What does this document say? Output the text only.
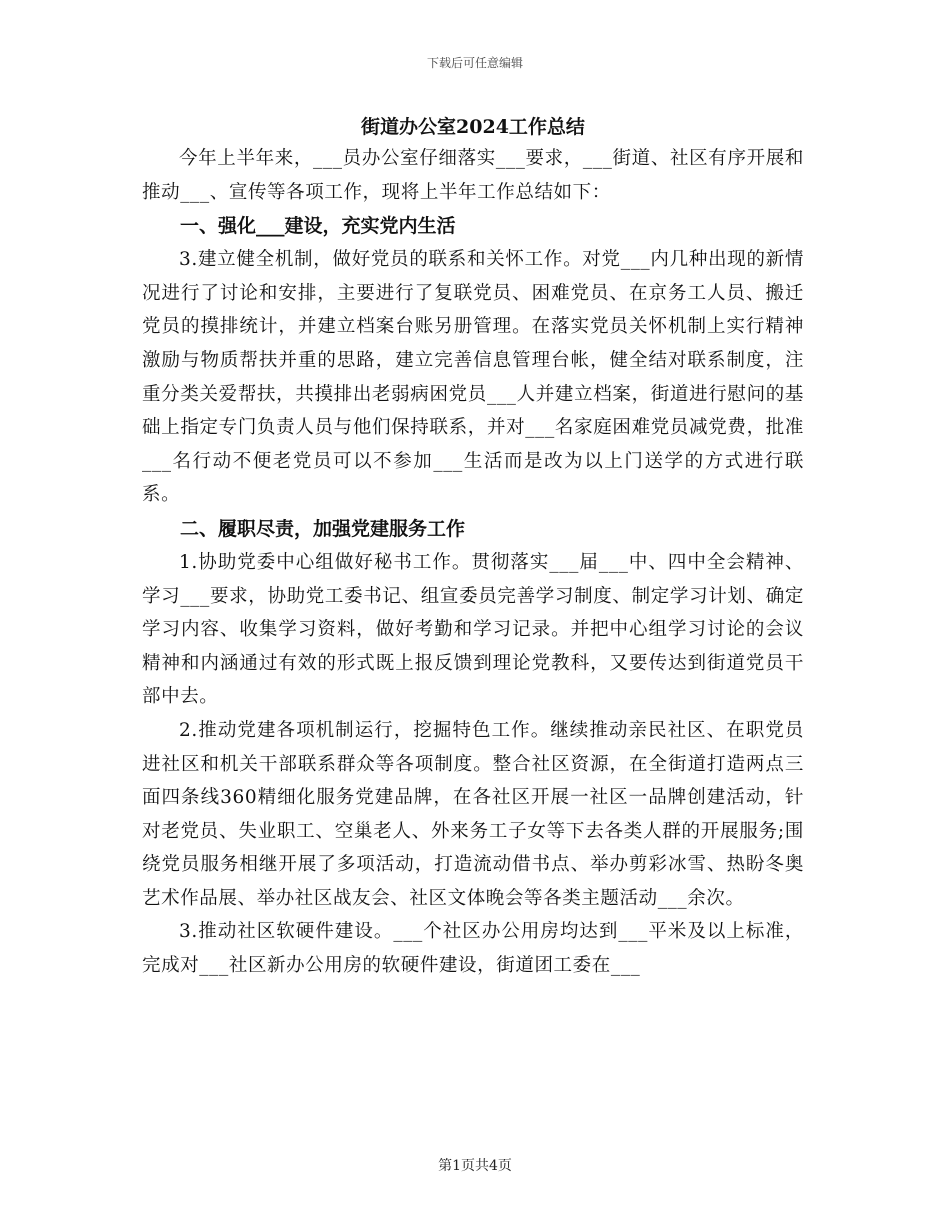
下载后可任意编辑
街道办公室2024工作总结

今年上半年来，___员办公室仔细落实___要求，___街道、社区有序开展和推动___、宣传等各项工作，现将上半年工作总结如下：

一、强化___建设，充实党内生活

3.建立健全机制，做好党员的联系和关怀工作。对党___内几种出现的新情况进行了讨论和安排，主要进行了复联党员、困难党员、在京务工人员、搬迁党员的摸排统计，并建立档案台账另册管理。在落实党员关怀机制上实行精神激励与物质帮扶并重的思路，建立完善信息管理台帐，健全结对联系制度，注重分类关爱帮扶，共摸排出老弱病困党员___人并建立档案，街道进行慰问的基础上指定专门负责人员与他们保持联系，并对___名家庭困难党员减党费，批准___名行动不便老党员可以不参加___生活而是改为以上门送学的方式进行联系。

二、履职尽责，加强党建服务工作

1.协助党委中心组做好秘书工作。贯彻落实___届___中、四中全会精神、学习___要求，协助党工委书记、组宣委员完善学习制度、制定学习计划、确定学习内容、收集学习资料，做好考勤和学习记录。并把中心组学习讨论的会议精神和内涵通过有效的形式既上报反馈到理论党教科，又要传达到街道党员干部中去。

2.推动党建各项机制运行，挖掘特色工作。继续推动亲民社区、在职党员进社区和机关干部联系群众等各项制度。整合社区资源，在全街道打造两点三面四条线360精细化服务党建品牌，在各社区开展一社区一品牌创建活动，针对老党员、失业职工、空巢老人、外来务工子女等下去各类人群的开展服务;围绕党员服务相继开展了多项活动，打造流动借书点、举办剪彩冰雪、热盼冬奥艺术作品展、举办社区战友会、社区文体晚会等各类主题活动___余次。

3.推动社区软硬件建设。___个社区办公用房均达到___平米及以上标准，完成对___社区新办公用房的软硬件建设，街道团工委在___

第1页共4页
